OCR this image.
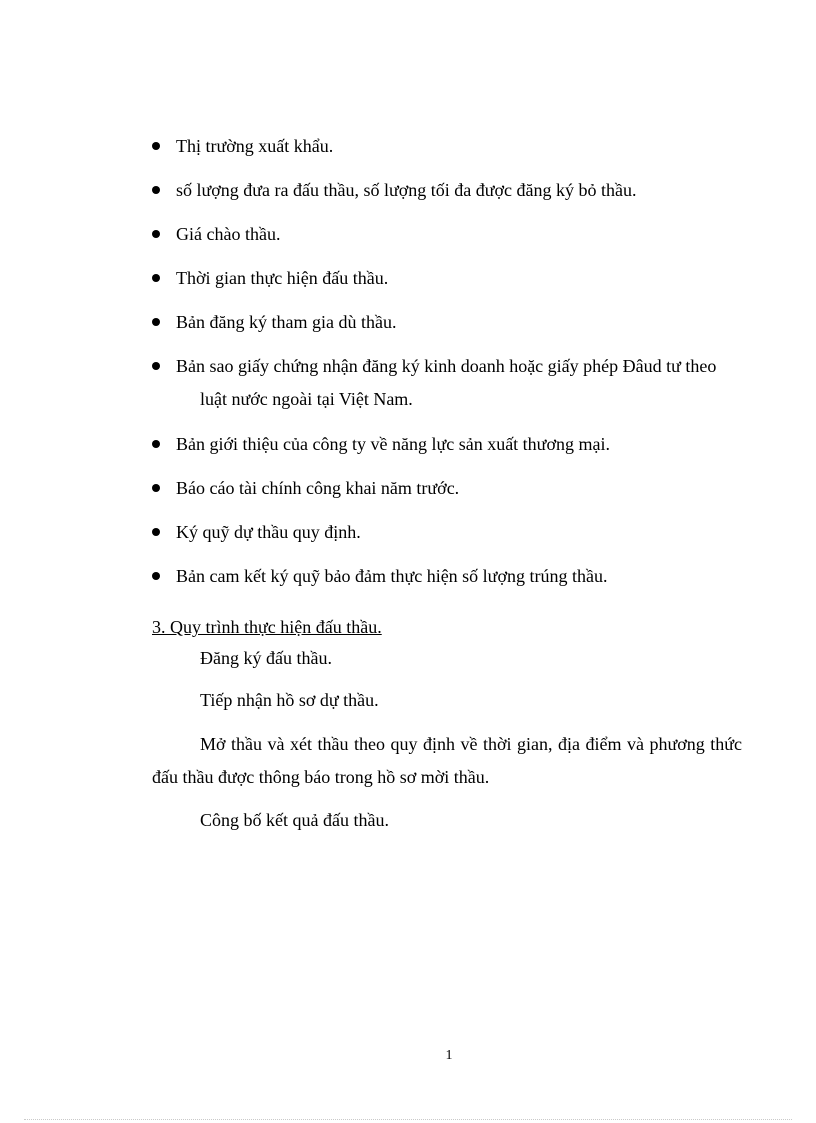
Thị trường xuất khẩu.
số lượng đưa ra đấu thầu, số lượng tối đa được đăng ký bỏ thầu.
Giá chào thầu.
Thời gian thực hiện đấu thầu.
Bản đăng ký tham gia dù thầu.
Bản sao giấy chứng nhận đăng ký kinh doanh hoặc giấy phép Đâud tư theo
luật nước ngoài tại Việt Nam.
Bản giới thiệu của công ty về năng lực sản xuất thương mại.
Báo cáo tài chính công khai năm trước.
Ký quỹ dự thầu quy định.
Bản cam kết ký quỹ bảo đảm thực hiện số lượng trúng thầu.
3. Quy trình thực hiện đấu thầu.

Đăng ký đấu thầu.

Tiếp nhận hồ sơ dự thầu.

Mở thầu và xét thầu theo quy định về thời gian, địa điểm và phương thức đấu thầu được thông báo trong hồ sơ mời thầu.

Công bố kết quả đấu thầu.

1
